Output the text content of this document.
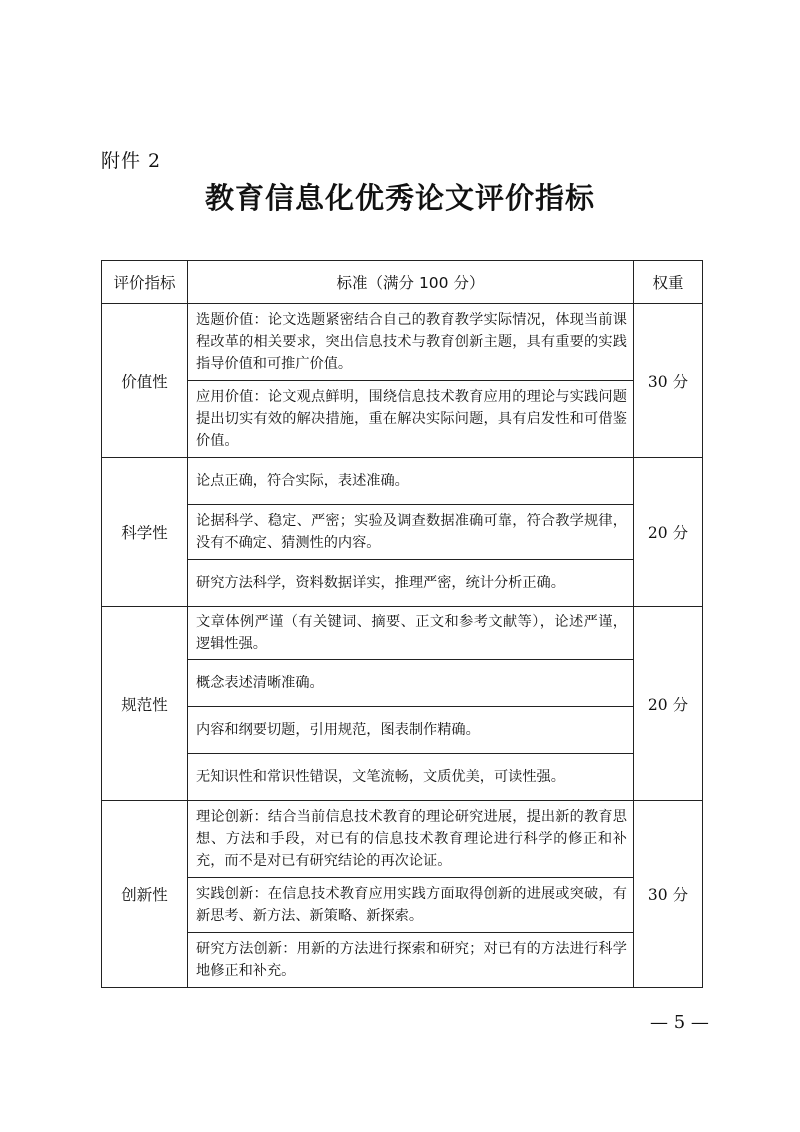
附件 2
教育信息化优秀论文评价指标
评价指标	标准（满分 100 分）	权重
价值性	选题价值：论文选题紧密结合自己的教育教学实际情况，体现当前课程改革的相关要求，突出信息技术与教育创新主题，具有重要的实践指导价值和可推广价值。	30 分
	应用价值：论文观点鲜明，围绕信息技术教育应用的理论与实践问题提出切实有效的解决措施，重在解决实际问题，具有启发性和可借鉴价值。	
科学性	论点正确，符合实际，表述准确。	20 分
	论据科学、稳定、严密；实验及调查数据准确可靠，符合教学规律，没有不确定、猜测性的内容。	
	研究方法科学，资料数据详实，推理严密，统计分析正确。	
规范性	文章体例严谨（有关键词、摘要、正文和参考文献等），论述严谨，逻辑性强。	20 分
	概念表述清晰准确。	
	内容和纲要切题，引用规范，图表制作精确。	
	无知识性和常识性错误，文笔流畅，文质优美，可读性强。	
创新性	理论创新：结合当前信息技术教育的理论研究进展，提出新的教育思想、方法和手段，对已有的信息技术教育理论进行科学的修正和补充，而不是对已有研究结论的再次论证。	30 分
	实践创新：在信息技术教育应用实践方面取得创新的进展或突破，有新思考、新方法、新策略、新探索。	
	研究方法创新：用新的方法进行探索和研究；对已有的方法进行科学地修正和补充。	
— 5 —
